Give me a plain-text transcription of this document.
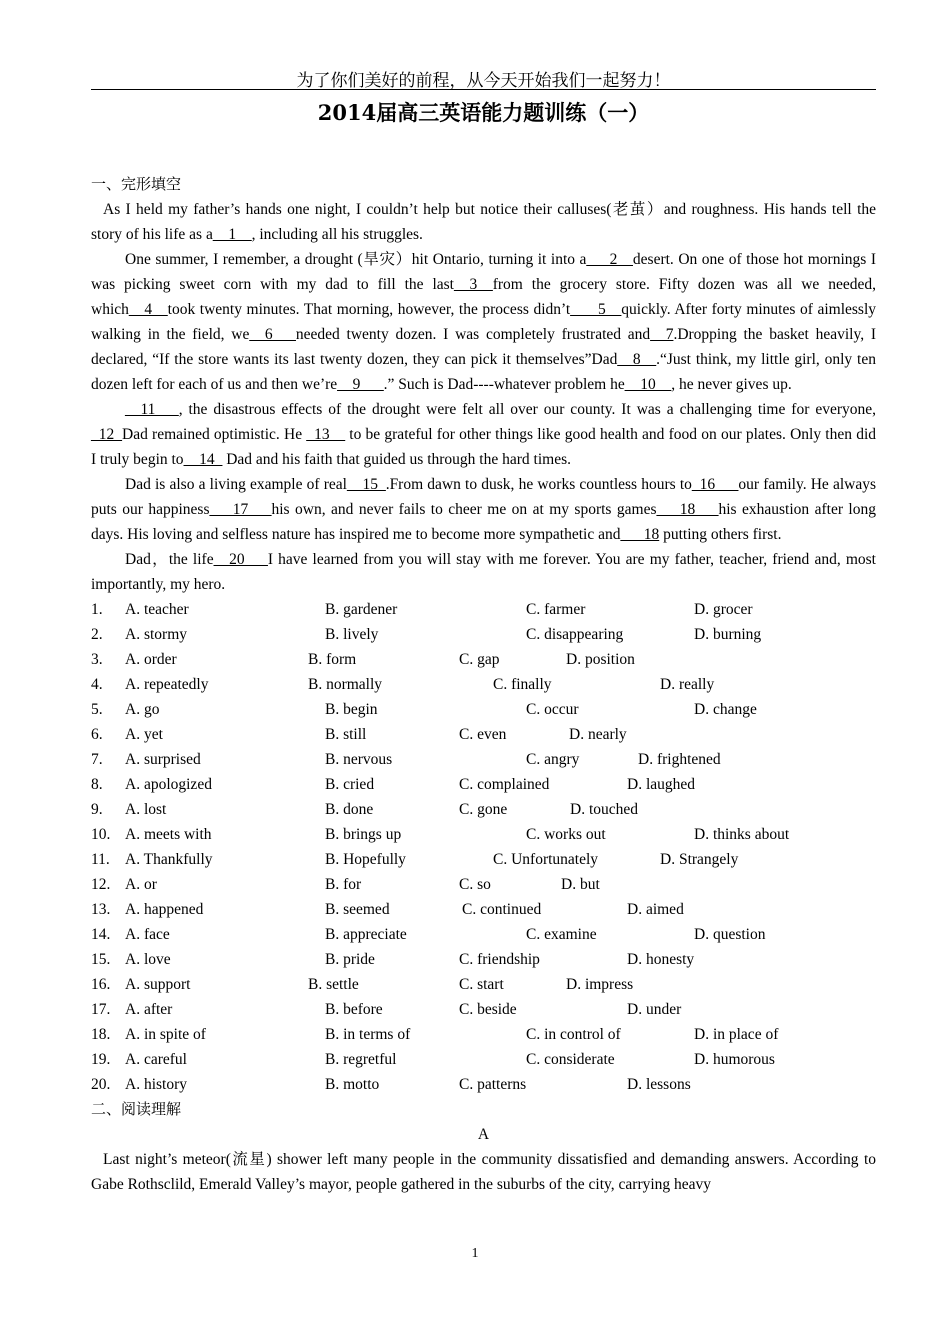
为了你们美好的前程，从今天开始我们一起努力！
2014届高三英语能力题训练（一）
一、完形填空

As I held my father’s hands one night, I couldn’t help but notice their calluses(老茧）and roughness. His hands tell the story of his life as a__1__, including all his struggles.

One summer, I remember, a drought (旱灾）hit Ontario, turning it into a___2__desert. On one of those hot mornings I was picking sweet corn with my dad to fill the last__3__from the grocery store. Fifty dozen was all we needed, which__4__took twenty minutes. That morning, however, the process didn’t_ __5__quickly. After forty minutes of aimlessly walking in the field, we__6___needed twenty dozen. I was completely frustrated and__7.Dropping the basket heavily, I declared, “If the store wants its last twenty dozen, they can pick it themselves”Dad__8__.“Just think, my little girl, only ten dozen left for each of us and then we’re__9___.” Such is Dad----whatever problem he__10__, he never gives up.

__11___, the disastrous effects of the drought were felt all over our county. It was a challenging time for everyone, _12_Dad remained optimistic. He _13__ to be grateful for other things like good health and food on our plates. Only then did I truly begin to__14_ Dad and his faith that guided us through the hard times.

Dad is also a living example of real__15_.From dawn to dusk, he works countless hours to_16___our family. He always puts our happiness___17___his own, and never fails to cheer me on at my sports games___18___his exhaustion after long days. His loving and selfless nature has inspired me to become more sympathetic and___18 putting others first.

Dad，the life__20___I have learned from you will stay with me forever. You are my father, teacher, friend and, most importantly, my hero.

1. A. teacher	B. gardener	C. farmer	D. grocer
2. A. stormy	B. lively	C. disappearing	D. burning
3. A. order	B. form	C. gap	D. position
4. A. repeatedly	B. normally	C. finally	D. really
5. A. go	B. begin	C. occur	D. change
6. A. yet	B. still	C. even	D. nearly
7. A. surprised	B. nervous	C. angry	D. frightened
8. A. apologized	B. cried	C. complained	D. laughed
9. A. lost	B. done	C. gone	D. touched
10. A. meets with	B. brings up	C. works out	D. thinks about
11. A. Thankfully	B. Hopefully	C. Unfortunately	D. Strangely
12. A. or	B. for	C. so	D. but
13. A. happened	B. seemed	C. continued	D. aimed
14. A. face	B. appreciate	C. examine	D. question
15. A. love	B. pride	C. friendship	D. honesty
16. A. support	B. settle	C. start	D. impress
17. A. after	B. before	C. beside	D. under
18. A. in spite of	B. in terms of	C. in control of	D. in place of
19. A. careful	B. regretful	C. considerate	D. humorous
20. A. history	B. motto	C. patterns	D. lessons
二、阅读理解
A

Last night’s meteor(流星) shower left many people in the community dissatisfied and demanding answers. According to Gabe Rothsclild, Emerald Valley’s mayor, people gathered in the suburbs of the city, carrying heavy

1
